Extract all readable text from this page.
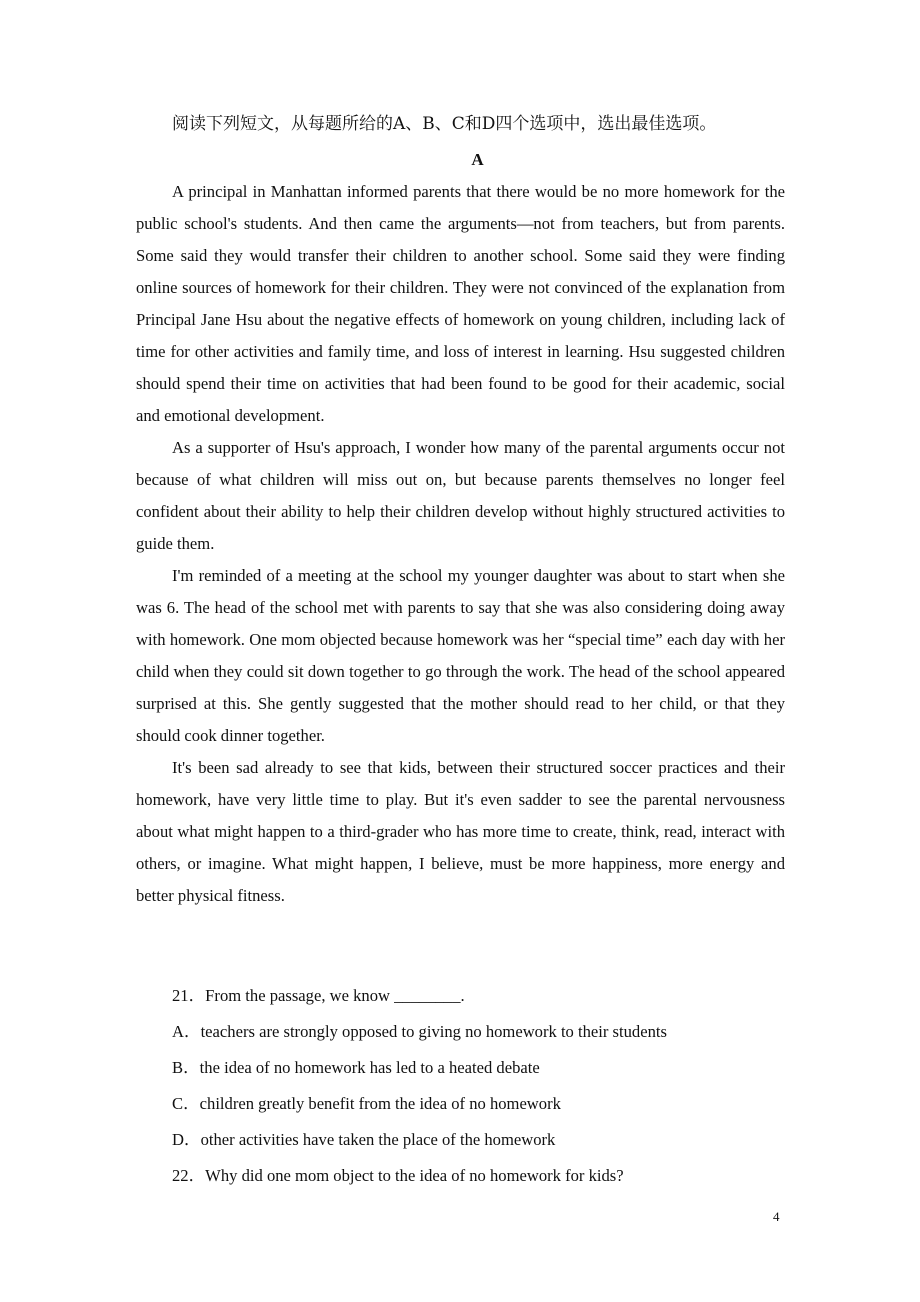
阅读下列短文，从每题所给的A、B、C和D四个选项中，选出最佳选项。
A

A principal in Manhattan informed parents that there would be no more homework for the public school's students. And then came the arguments—not from teachers, but from parents. Some said they would transfer their children to another school. Some said they were finding online sources of homework for their children. They were not convinced of the explanation from Principal Jane Hsu about the negative effects of homework on young children, including lack of time for other activities and family time, and loss of interest in learning. Hsu suggested children should spend their time on activities that had been found to be good for their academic, social and emotional development.

As a supporter of Hsu's approach, I wonder how many of the parental arguments occur not because of what children will miss out on, but because parents themselves no longer feel confident about their ability to help their children develop without highly structured activities to guide them.

I'm reminded of a meeting at the school my younger daughter was about to start when she was 6. The head of the school met with parents to say that she was also considering doing away with homework. One mom objected because homework was her “special time” each day with her child when they could sit down together to go through the work. The head of the school appeared surprised at this. She gently suggested that the mother should read to her child, or that they should cook dinner together.

It's been sad already to see that kids, between their structured soccer practices and their homework, have very little time to play. But it's even sadder to see the parental nervousness about what might happen to a third-grader who has more time to create, think, read, interact with others, or imagine. What might happen, I believe, must be more happiness, more energy and better physical fitness.

21．From the passage, we know ________.
A．teachers are strongly opposed to giving no homework to their students
B．the idea of no homework has led to a heated debate
C．children greatly benefit from the idea of no homework
D．other activities have taken the place of the homework
22．Why did one mom object to the idea of no homework for kids?
4
